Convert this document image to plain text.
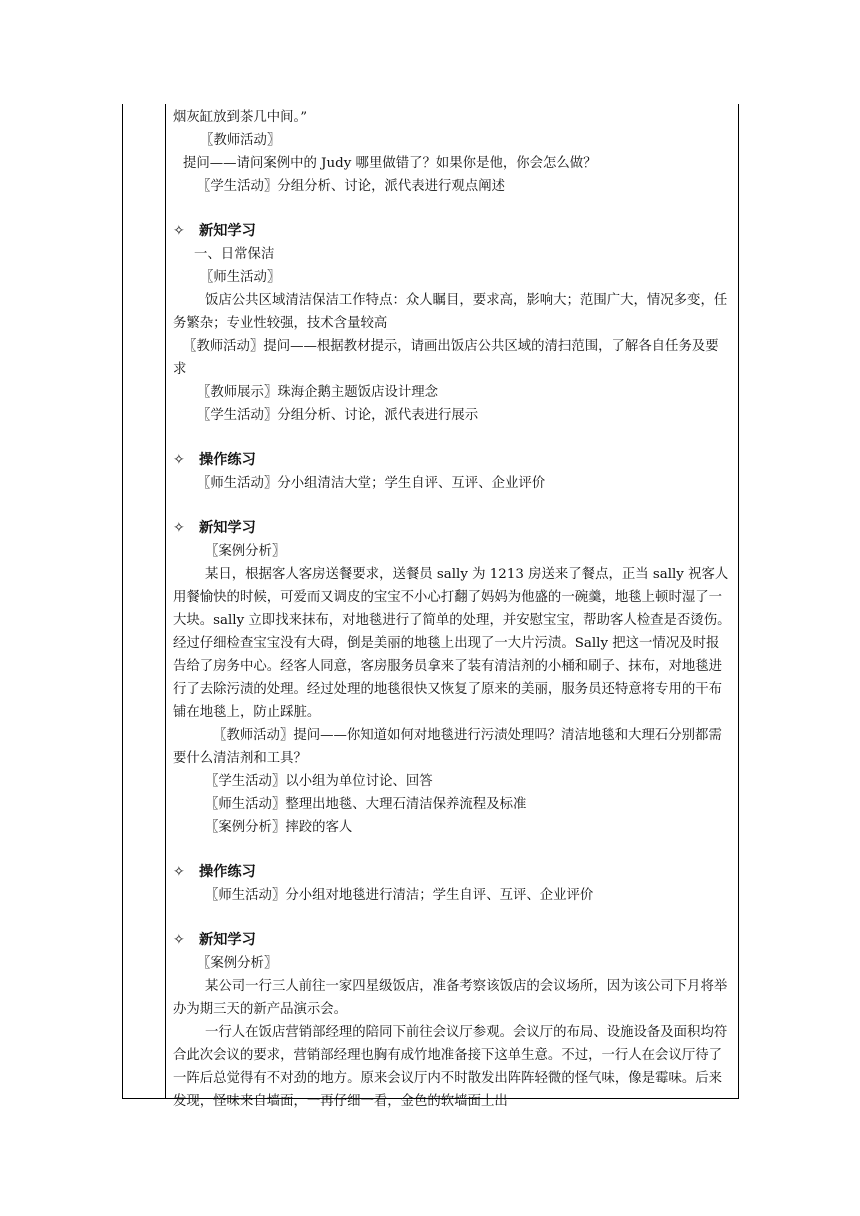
烟灰缸放到茶几中间。”

〖教师活动〗

提问——请问案例中的 Judy 哪里做错了？如果你是他，你会怎么做？

〖学生活动〗分组分析、讨论，派代表进行观点阐述

✧ 新知学习

一、日常保洁

〖师生活动〗

饭店公共区域清洁保洁工作特点：众人瞩目，要求高，影响大；范围广大，情况多变，任务繁杂；专业性较强，技术含量较高

〖教师活动〗提问——根据教材提示，请画出饭店公共区域的清扫范围，了解各自任务及要求

〖教师展示〗珠海企鹅主题饭店设计理念

〖学生活动〗分组分析、讨论，派代表进行展示

✧ 操作练习

〖师生活动〗分小组清洁大堂；学生自评、互评、企业评价

✧ 新知学习

〖案例分析〗

某日，根据客人客房送餐要求，送餐员 sally 为 1213 房送来了餐点，正当 sally 祝客人用餐愉快的时候，可爱而又调皮的宝宝不小心打翻了妈妈为他盛的一碗羹，地毯上顿时湿了一大块。sally 立即找来抹布，对地毯进行了简单的处理，并安慰宝宝，帮助客人检查是否烫伤。经过仔细检查宝宝没有大碍，倒是美丽的地毯上出现了一大片污渍。Sally 把这一情况及时报告给了房务中心。经客人同意，客房服务员拿来了装有清洁剂的小桶和刷子、抹布，对地毯进行了去除污渍的处理。经过处理的地毯很快又恢复了原来的美丽，服务员还特意将专用的干布铺在地毯上，防止踩脏。

〖教师活动〗提问——你知道如何对地毯进行污渍处理吗？清洁地毯和大理石分别都需要什么清洁剂和工具？

〖学生活动〗以小组为单位讨论、回答

〖师生活动〗整理出地毯、大理石清洁保养流程及标准

〖案例分析〗摔跤的客人

✧ 操作练习

〖师生活动〗分小组对地毯进行清洁；学生自评、互评、企业评价

✧ 新知学习

〖案例分析〗

某公司一行三人前往一家四星级饭店，准备考察该饭店的会议场所，因为该公司下月将举办为期三天的新产品演示会。

一行人在饭店营销部经理的陪同下前往会议厅参观。会议厅的布局、设施设备及面积均符合此次会议的要求，营销部经理也胸有成竹地准备接下这单生意。不过，一行人在会议厅待了一阵后总觉得有不对劲的地方。原来会议厅内不时散发出阵阵轻微的怪气味，像是霉味。后来发现，怪味来自墙面，一再仔细一看，金色的软墙面上出
